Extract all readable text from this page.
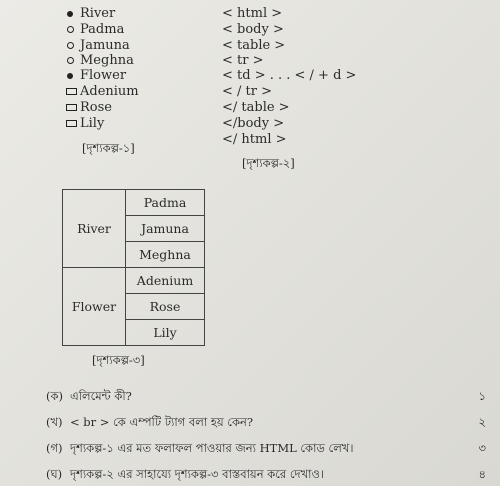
River
Padma
Jamuna
Meghna
Flower
Adenium
Rose
Lily
[দৃশ্যকল্প-১]
< html >
< body >
< table >
< tr >
< td > . . . < / + d >
< / tr >
</ table >
</body >
</ html >
[দৃশ্যকল্প-২]
River	Padma
	Jamuna
	Meghna
Flower	Adenium
	Rose
	Lily
[দৃশ্যকল্প-৩]
(ক) এলিমেন্ট কী?	১
(খ) < br > কে এম্পটি ট্যাগ বলা হয় কেন?	২
(গ) দৃশ্যকল্প-১ এর মত ফলাফল পাওয়ার জন্য HTML কোড লেখ।	৩
(ঘ) দৃশ্যকল্প-২ এর সাহায্যে দৃশ্যকল্প-৩ বাস্তবায়ন করে দেখাও।	৪
